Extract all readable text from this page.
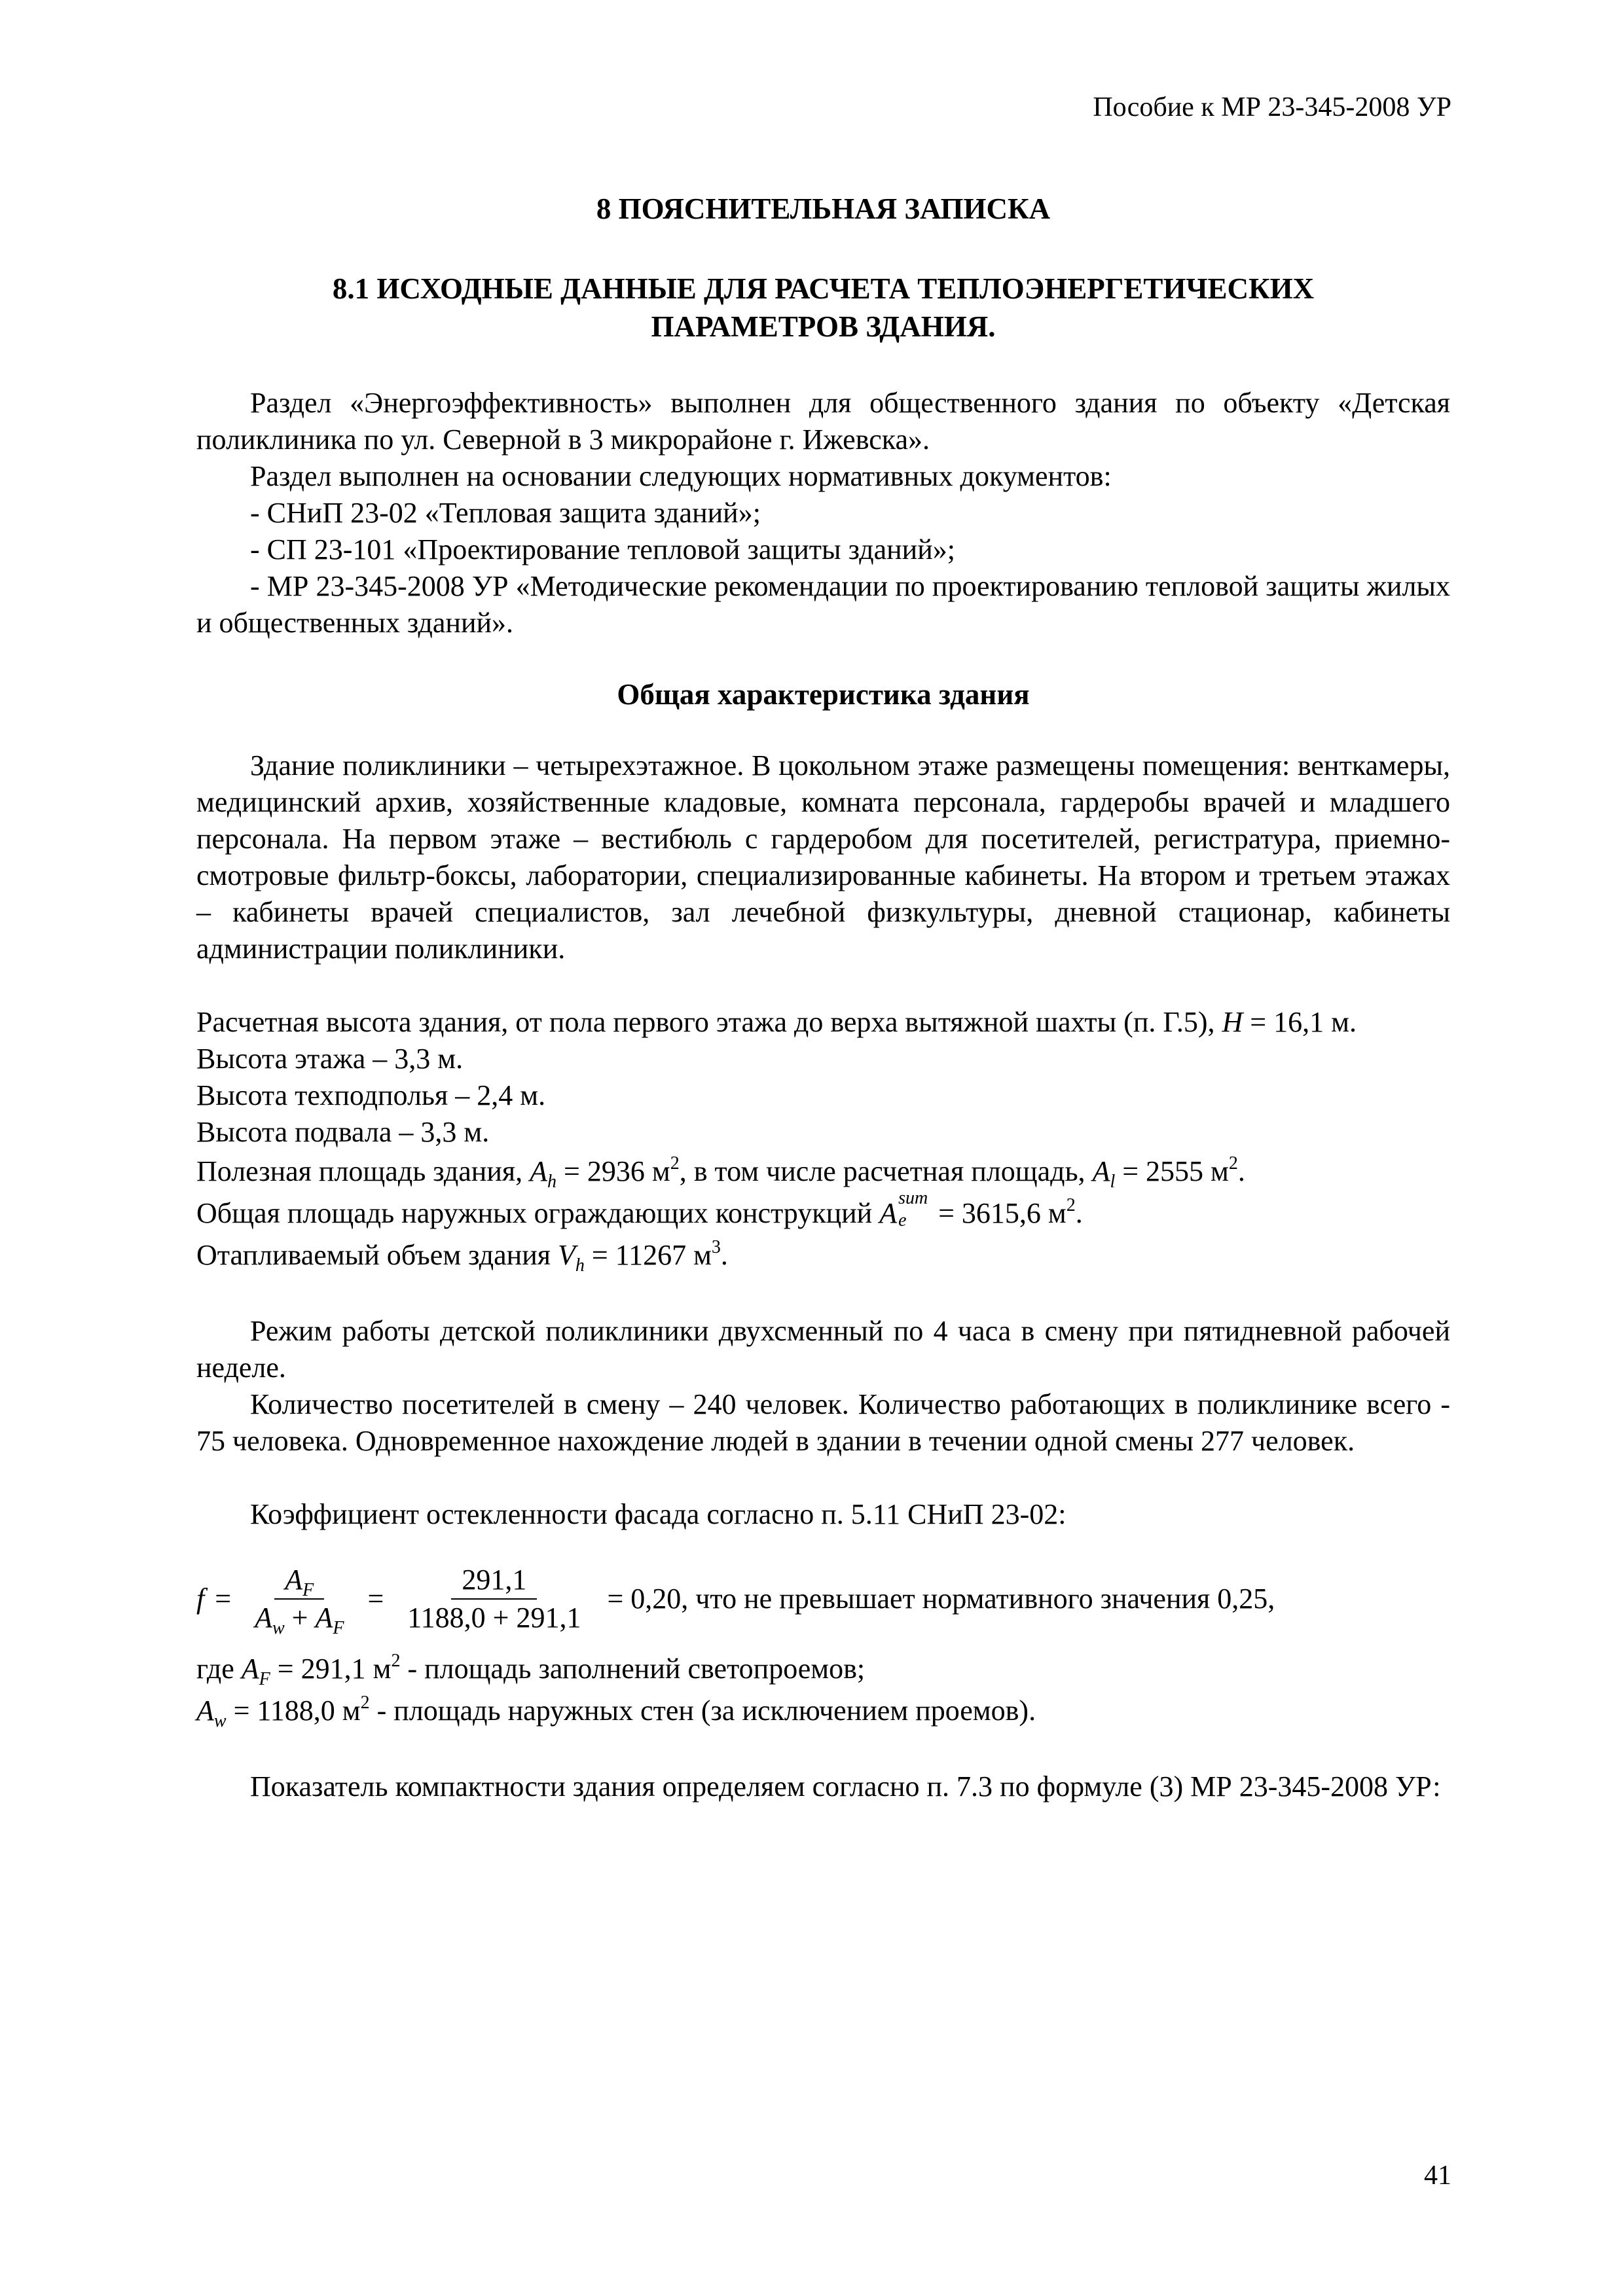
Пособие к МР 23-345-2008 УР
8 ПОЯСНИТЕЛЬНАЯ ЗАПИСКА
8.1 ИСХОДНЫЕ ДАННЫЕ ДЛЯ РАСЧЕТА ТЕПЛОЭНЕРГЕТИЧЕСКИХ
ПАРАМЕТРОВ ЗДАНИЯ.

Раздел «Энергоэффективность» выполнен для общественного здания по объекту «Детская поликлиника по ул. Северной в 3 микрорайоне г. Ижевска».

Раздел выполнен на основании следующих нормативных документов:

- СНиП 23-02 «Тепловая защита зданий»;

- СП 23-101 «Проектирование тепловой защиты зданий»;

- МР 23-345-2008 УР «Методические рекомендации по проектированию тепловой защиты жилых и общественных зданий».

Общая характеристика здания

Здание поликлиники – четырехэтажное. В цокольном этаже размещены помещения: венткамеры, медицинский архив, хозяйственные кладовые, комната персонала, гардеробы врачей и младшего персонала. На первом этаже – вестибюль с гардеробом для посетителей, регистратура, приемно-смотровые фильтр-боксы, лаборатории, специализированные кабинеты. На втором и третьем этажах – кабинеты врачей специалистов, зал лечебной физкультуры, дневной стационар, кабинеты администрации поликлиники.

Расчетная высота здания, от пола первого этажа до верха вытяжной шахты (п. Г.5), H = 16,1 м.

Высота этажа – 3,3 м.

Высота техподполья – 2,4 м.

Высота подвала – 3,3 м.

Полезная площадь здания, $A_h = 2936$ $м^2$, в том числе расчетная площадь, $A_l = 2555$ $м^2$.

Общая площадь наружных ограждающих конструкций A sum
e = 3615,6 $м^2$.

Отапливаемый объем здания $V_h = 11267$ $м^3$.

Режим работы детской поликлиники двухсменный по 4 часа в смену при пятидневной рабочей неделе.

Количество посетителей в смену – 240 человек. Количество работающих в поликлинике всего - 75 человека. Одновременное нахождение людей в здании в течении одной смены 277 человек.

Коэффициент остекленности фасада согласно п. 5.11 СНиП 23-02:

$f = \frac{A_F}{A_w + A_F} = \frac{291,1}{1188,0 + 291,1} = 0,20$, что не превышает нормативного значения 0,25,

где $A_F = 291,1$ $м^2$ - площадь заполнений светопроемов;

$A_w = 1188,0$ $м^2$ - площадь наружных стен (за исключением проемов).

Показатель компактности здания определяем согласно п. 7.3 по формуле (3) МР 23-345-2008 УР:

41
